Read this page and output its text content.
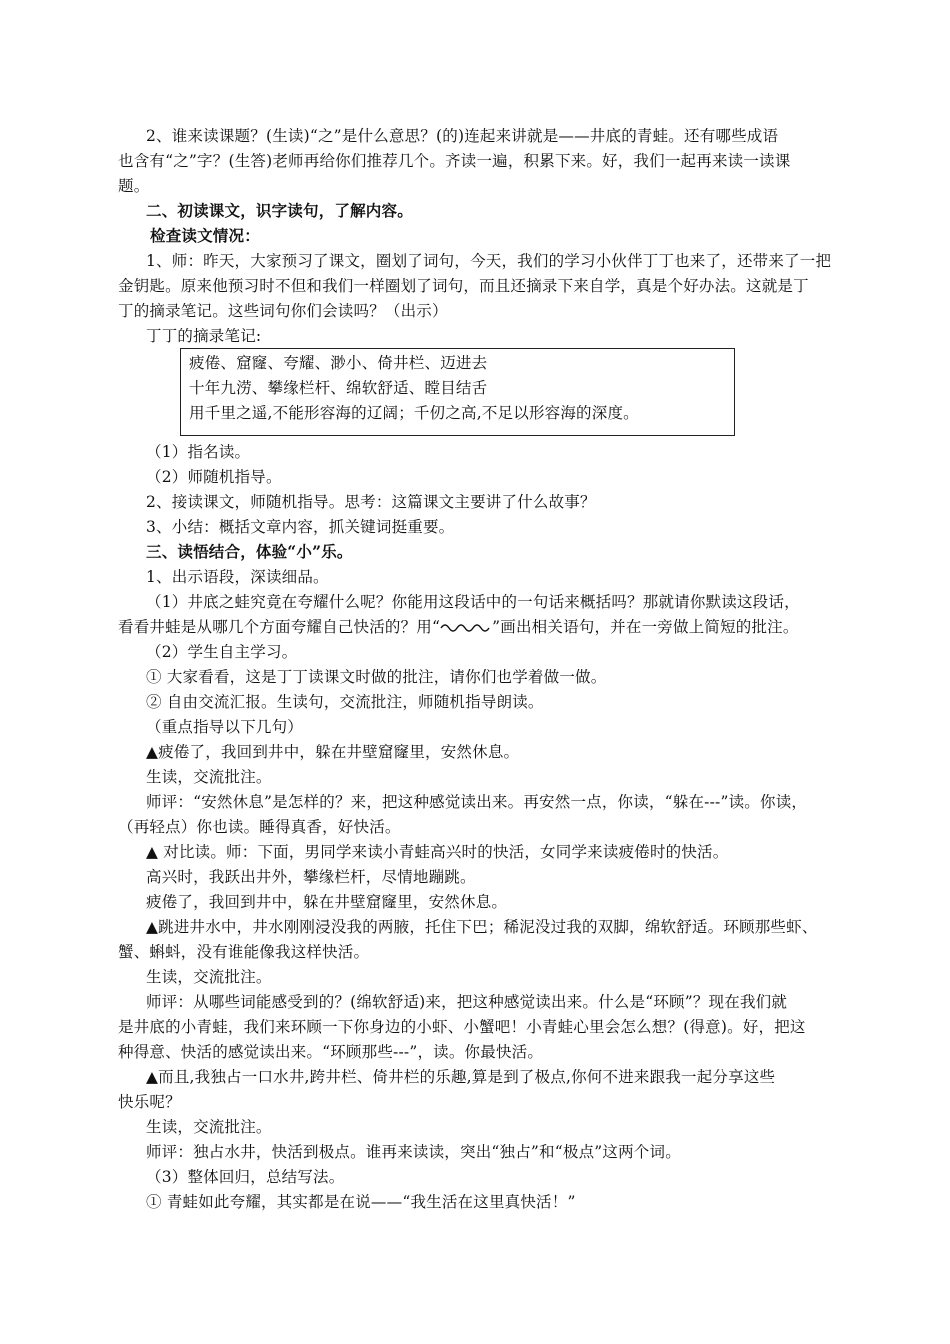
2、谁来读课题？(生读)“之”是什么意思？(的)连起来讲就是——井底的青蛙。还有哪些成语
也含有“之”字？(生答)老师再给你们推荐几个。齐读一遍，积累下来。好，我们一起再来读一读课
题。
二、初读课文，识字读句，了解内容。
检查读文情况：
1、师：昨天，大家预习了课文，圈划了词句，今天，我们的学习小伙伴丁丁也来了，还带来了一把
金钥匙。原来他预习时不但和我们一样圈划了词句，而且还摘录下来自学，真是个好办法。这就是丁
丁的摘录笔记。这些词句你们会读吗？（出示）
丁丁的摘录笔记:
疲倦、窟窿、夸耀、渺小、倚井栏、迈进去
十年九涝、攀缘栏杆、绵软舒适、瞠目结舌
用千里之遥,不能形容海的辽阔；千仞之高,不足以形容海的深度。
（1）指名读。
（2）师随机指导。
2、接读课文，师随机指导。思考：这篇课文主要讲了什么故事？
3、小结：概括文章内容，抓关键词挺重要。
三、读悟结合，体验“小”乐。
1、出示语段，深读细品。
（1）井底之蛙究竟在夸耀什么呢？你能用这段话中的一句话来概括吗？那就请你默读这段话，
看看井蛙是从哪几个方面夸耀自己快活的？用“	”画出相关语句，并在一旁做上简短的批注。
（2）学生自主学习。
① 大家看看，这是丁丁读课文时做的批注，请你们也学着做一做。
② 自由交流汇报。生读句，交流批注，师随机指导朗读。
（重点指导以下几句）
▲疲倦了，我回到井中，躲在井壁窟窿里，安然休息。
生读，交流批注。
师评：“安然休息”是怎样的？来，把这种感觉读出来。再安然一点，你读，“躲在---”读。你读，
（再轻点）你也读。睡得真香，好快活。
▲ 对比读。师：下面，男同学来读小青蛙高兴时的快活，女同学来读疲倦时的快活。
高兴时，我跃出井外，攀缘栏杆，尽情地蹦跳。
疲倦了，我回到井中，躲在井壁窟窿里，安然休息。
▲跳进井水中，井水刚刚浸没我的两腋，托住下巴；稀泥没过我的双脚，绵软舒适。环顾那些虾、
蟹、蝌蚪，没有谁能像我这样快活。
生读，交流批注。
师评：从哪些词能感受到的？(绵软舒适)来，把这种感觉读出来。什么是“环顾”？现在我们就
是井底的小青蛙，我们来环顾一下你身边的小虾、小蟹吧！小青蛙心里会怎么想？(得意)。好，把这
种得意、快活的感觉读出来。“环顾那些---”，读。你最快活。
▲而且,我独占一口水井,跨井栏、倚井栏的乐趣,算是到了极点,你何不进来跟我一起分享这些
快乐呢？
生读，交流批注。
师评：独占水井，快活到极点。谁再来读读，突出“独占”和“极点”这两个词。
（3）整体回归，总结写法。
① 青蛙如此夸耀，其实都是在说——“我生活在这里真快活！”
